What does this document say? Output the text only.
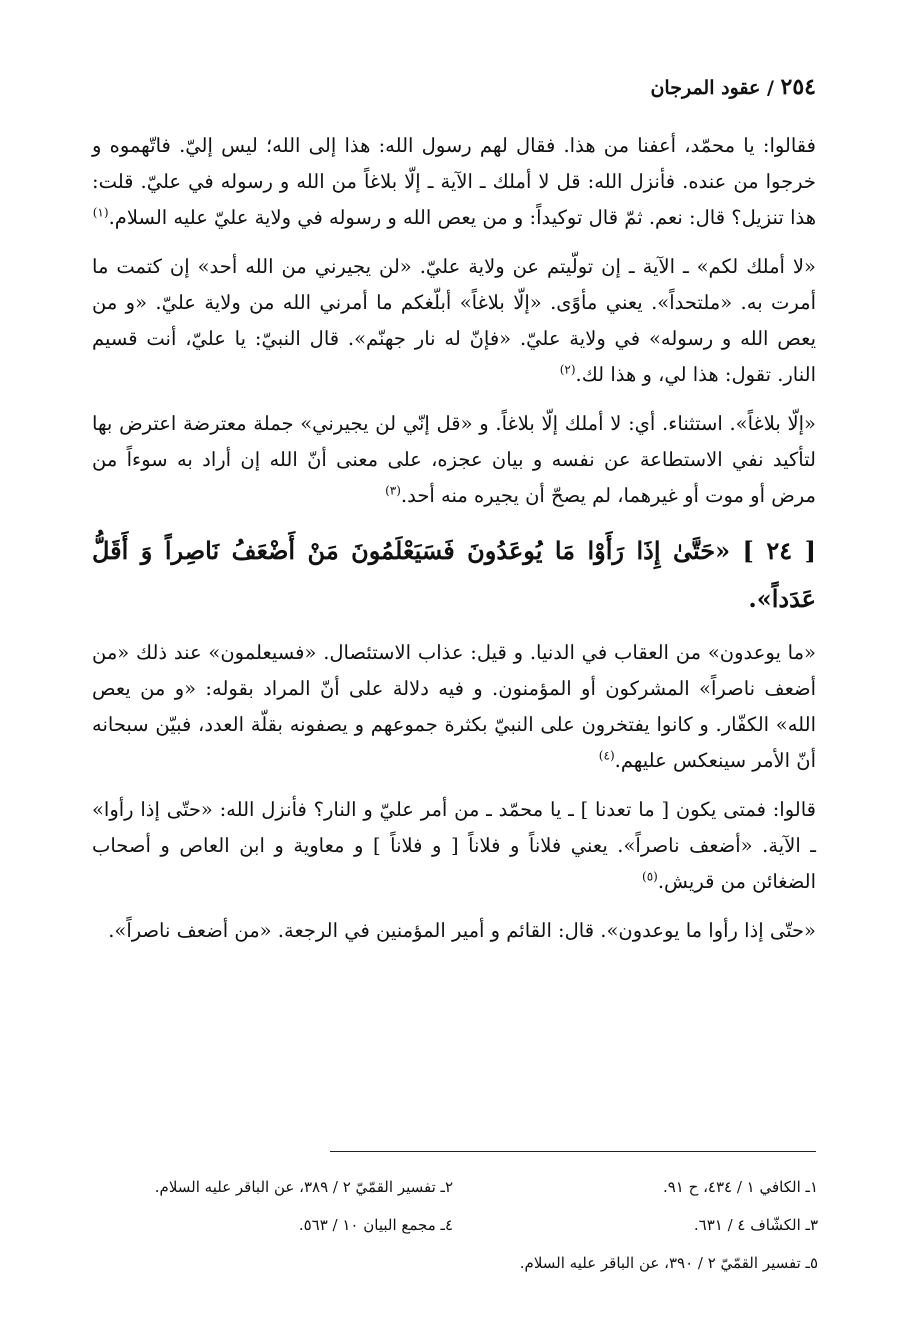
٢٥٤ / عقود المرجان

فقالوا: يا محمّد، أعفنا من هذا. فقال لهم رسول الله: هذا إلى الله؛ ليس إليّ. فاتّهموه و خرجوا من عنده. فأنزل الله: قل لا أملك ـ الآية ـ إلّا بلاغاً من الله و رسوله في عليّ. قلت: هذا تنزيل؟ قال: نعم. ثمّ قال توكيداً: و من يعص الله و رسوله في ولاية عليّ عليه السلام.$^{(١)}$

«لا أملك لكم» ـ الآية ـ إن تولّيتم عن ولاية عليّ. «لن يجيرني من الله أحد» إن كتمت ما أمرت به. «ملتحداً». يعني مأوًى. «إلّا بلاغاً» أبلّغكم ما أمرني الله من ولاية عليّ. «و من يعص الله و رسوله» في ولاية عليّ. «فإنّ له نار جهنّم». قال النبيّ: يا عليّ، أنت قسيم النار. تقول: هذا لي، و هذا لك.$^{(٢)}$

«إلّا بلاغاً». استثناء. أي: لا أملك إلّا بلاغاً. و «قل إنّي لن يجيرني» جملة معترضة اعترض بها لتأكيد نفي الاستطاعة عن نفسه و بيان عجزه، على معنى أنّ الله إن أراد به سوءاً من مرض أو موت أو غيرهما، لم يصحّ أن يجيره منه أحد.$^{(٣)}$

[ ٢٤ ] «حَتَّىٰ إِذَا رَأَوْا مَا يُوعَدُونَ فَسَيَعْلَمُونَ مَنْ أَضْعَفُ نَاصِراً وَ أَقَلُّ عَدَداً».

«ما يوعدون» من العقاب في الدنيا. و قيل: عذاب الاستئصال. «فسيعلمون» عند ذلك «من أضعف ناصراً» المشركون أو المؤمنون. و فيه دلالة على أنّ المراد بقوله: «و من يعص الله» الكفّار. و كانوا يفتخرون على النبيّ بكثرة جموعهم و يصفونه بقلّة العدد، فبيّن سبحانه أنّ الأمر سينعكس عليهم.$^{(٤)}$

قالوا: فمتى يكون [ ما تعدنا ] ـ يا محمّد ـ من أمر عليّ و النار؟ فأنزل الله: «حتّى إذا رأوا» ـ الآية. «أضعف ناصراً». يعني فلاناً و فلاناً [ و فلاناً ] و معاوية و ابن العاص و أصحاب الضغائن من قريش.$^{(٥)}$

«حتّى إذا رأوا ما يوعدون». قال: القائم و أمير المؤمنين في الرجعة. «من أضعف ناصراً».

١ـ الكافي ١ / ٤٣٤، ح ٩١.
٢ـ تفسير القمّيّ ٢ / ٣٨٩، عن الباقر عليه السلام.
٣ـ الكشّاف ٤ / ٦٣١.
٤ـ مجمع البيان ١٠ / ٥٦٣.
٥ـ تفسير القمّيّ ٢ / ٣٩٠، عن الباقر عليه السلام.
